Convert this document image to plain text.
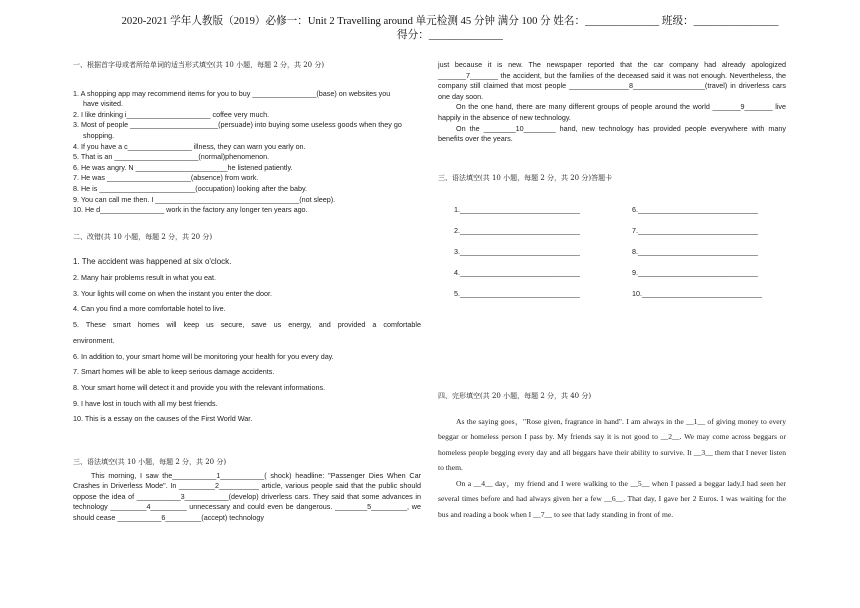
2020-2021 学年人教版（2019）必修一：Unit 2 Travelling around 单元检测 45 分钟 满分 100 分 姓名：______________ 班级：________________
得分：______________
一、根据首字母或者所给单词的适当形式填空(共 10 小题，每题 2 分，共 20 分)
1. A shopping app may recommend items for you to buy ________________(base) on websites you
have visited.
2. I like drinking i_____________________ coffee very much.
3. Most of people ______________________(persuade) into buying some useless goods when they go
shopping.
4. If you have a c________________ illness, they can warn you early on.
5. That is an _____________________(normal)phenomenon.
6. He was angry. N _______________________he listened patiently.
7. He was _____________________(absence) from work.
8. He is ________________________(occupation) looking after the baby.
9. You can call me then. I ____________________________________(not sleep).
10. He d________________ work in the factory any longer ten years ago.
二、改错(共 10 小题，每题 2 分，共 20 分)
1. The accident was happened at six o'clock.
2. Many hair problems result in what you eat.
3. Your lights will come on when the instant you enter the door.
4. Can you find a more comfortable hotel to live.
5. These smart homes will keep us secure, save us energy, and provided a comfortable
environment.
6. In addition to, your smart home will be monitoring your health for you every day.
7. Smart homes will be able to keep serious damage accidents.
8. Your smart home will detect it and provide you with the relevant informations.
9. I have lost in touch with all my best friends.
10. This is a essay on the causes of the First World War.
三、语法填空(共 10 小题，每题 2 分，共 20 分)

This morning, I saw the___________1___________( shock) headline: "Passenger Dies When Car Crashes in Driverless Mode". In _________2__________ article, various people said that the public should oppose the idea of ___________3___________(develop) driverless cars. They said that some advances in technology _________4_________ unnecessary and could even be dangerous. ________5_________, we should cease ___________6_________(accept) technology

just because it is new. The newspaper reported that the car company had already apologized _______7_______ the accident, but the families of the deceased said it was not enough. Nevertheless, the company still claimed that most people _______________8__________________(travel) in driverless cars one day soon.

On the one hand, there are many different groups of people around the world _______9_______ live happily in the absence of new technology.

On the ________10________ hand, new technology has provided people everywhere with many benefits over the years.

三、语法填空(共 10 小题，每题 2 分，共 20 分)答题卡
1.______________________________
2.______________________________
3.______________________________
4.______________________________
5.______________________________
6.______________________________
7.______________________________
8.______________________________
9.______________________________
10.______________________________
四、完形填空(共 20 小题，每题 2 分，共 40 分)

As the saying goes，"Rose given, fragrance in hand". I am always in the __1__ of giving money to every beggar or homeless person I pass by. My friends say it is not good to __2__. We may come across beggars or homeless people begging every day and all beggars have their ability to survive. It __3__ them that I never listen to them.

On a __4__ day，my friend and I were walking to the __5__ when I passed a beggar lady.I had seen her several times before and had always given her a few __6__. That day, I gave her 2 Euros. I was waiting for the bus and reading a book when I __7__ to see that lady standing in front of me.
